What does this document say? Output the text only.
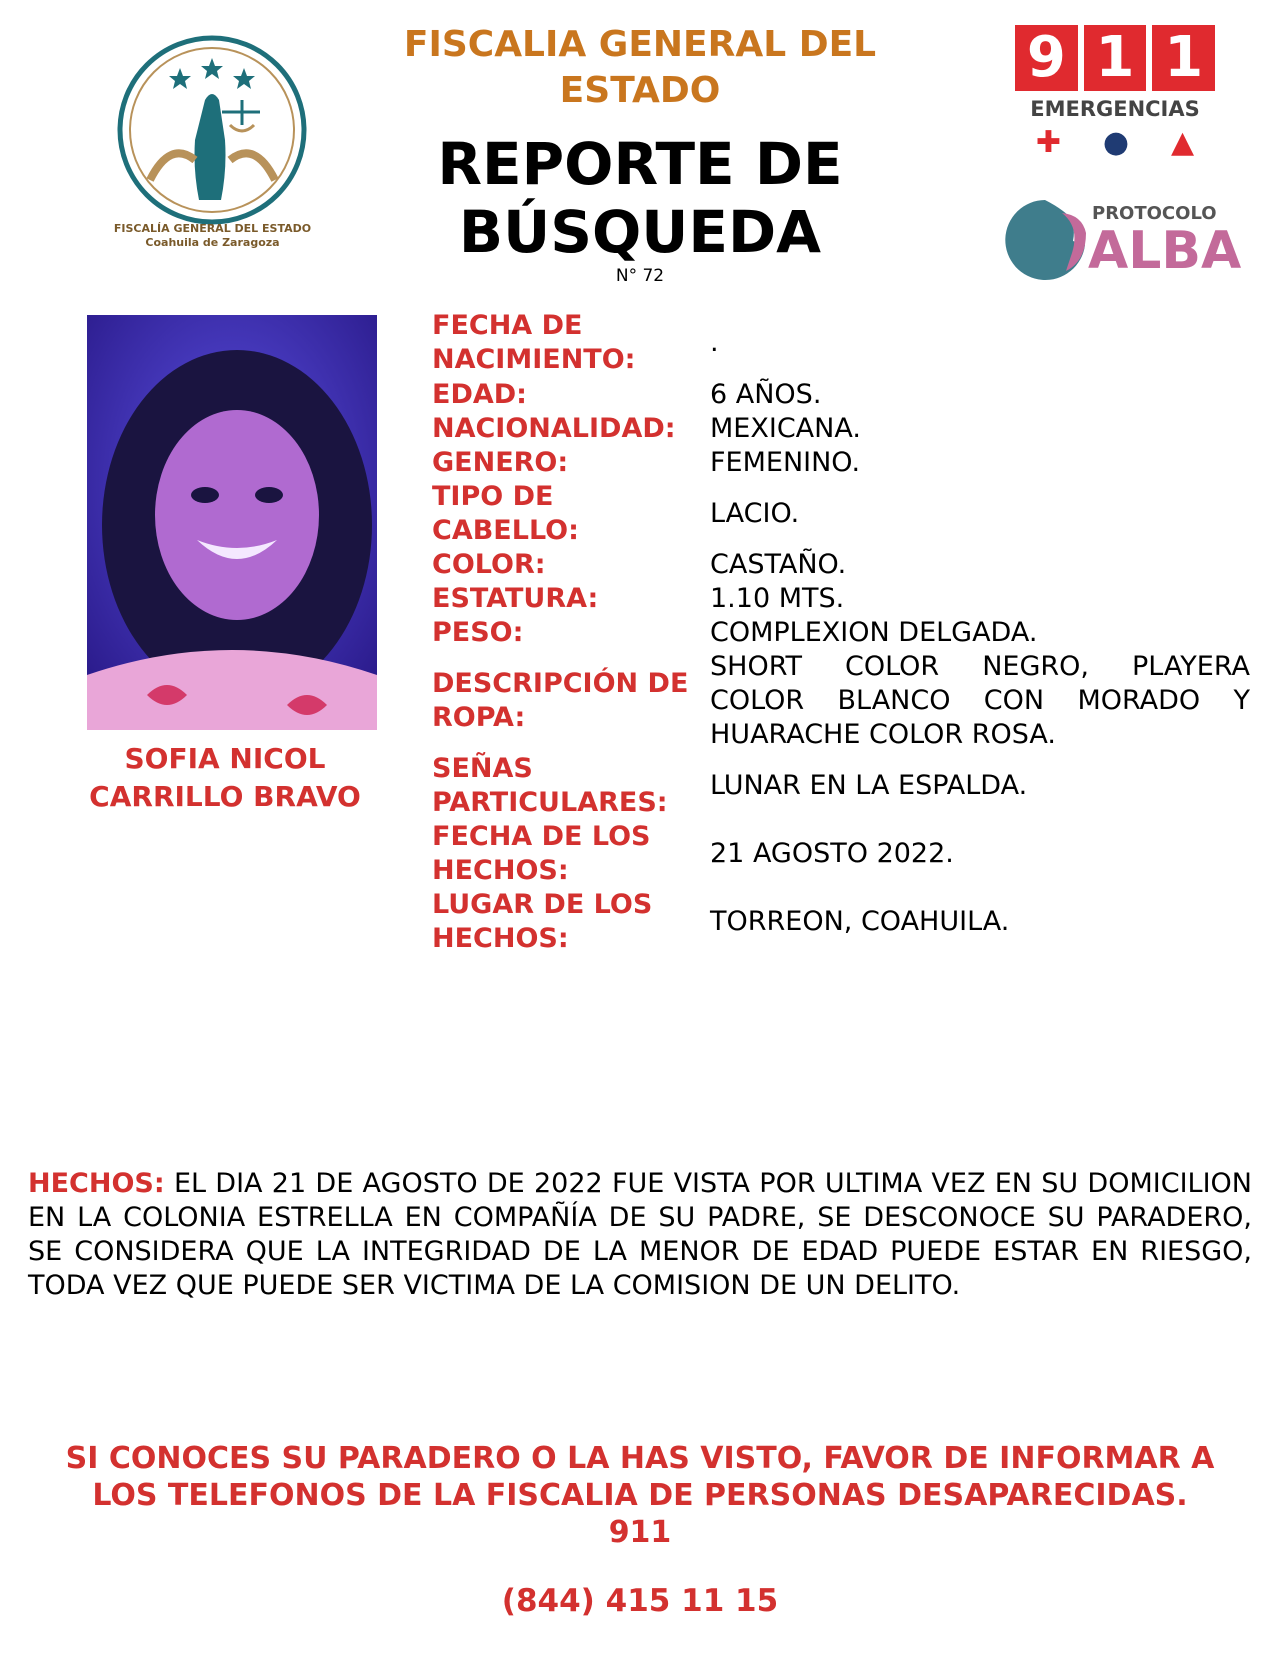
FISCALÍA GENERAL DEL ESTADO
Coahuila de Zaragoza
FISCALIA GENERAL DEL ESTADO
REPORTE DE BÚSQUEDA
N° 72
9 1 1
EMERGENCIAS
✚ ● ▲
PROTOCOLO
ALBA
SOFIA NICOL
CARRILLO BRAVO
FECHA DE NACIMIENTO:
.
EDAD:	6 AÑOS.
NACIONALIDAD:	MEXICANA.
GENERO:	FEMENINO.
TIPO DE CABELLO:
LACIO.
COLOR:	CASTAÑO.
ESTATURA:	1.10 MTS.
PESO:	COMPLEXION DELGADA.
DESCRIPCIÓN DE ROPA:
SHORT COLOR NEGRO, PLAYERA
COLOR BLANCO CON MORADO Y
HUARACHE COLOR ROSA.
SEÑAS PARTICULARES:
LUNAR EN LA ESPALDA.
FECHA DE LOS HECHOS:
21 AGOSTO 2022.
LUGAR DE LOS HECHOS:
TORREON, COAHUILA.
HECHOS: EL DIA 21 DE AGOSTO DE 2022 FUE VISTA POR ULTIMA VEZ EN SU DOMICILION EN LA COLONIA ESTRELLA EN COMPAÑÍA DE SU PADRE, SE DESCONOCE SU PARADERO, SE CONSIDERA QUE LA INTEGRIDAD DE LA MENOR DE EDAD PUEDE ESTAR EN RIESGO, TODA VEZ QUE PUEDE SER VICTIMA DE LA COMISION DE UN DELITO.
SI CONOCES SU PARADERO O LA HAS VISTO, FAVOR DE INFORMAR A
LOS TELEFONOS DE LA FISCALIA DE PERSONAS DESAPARECIDAS.
911
(844) 415 11 15
